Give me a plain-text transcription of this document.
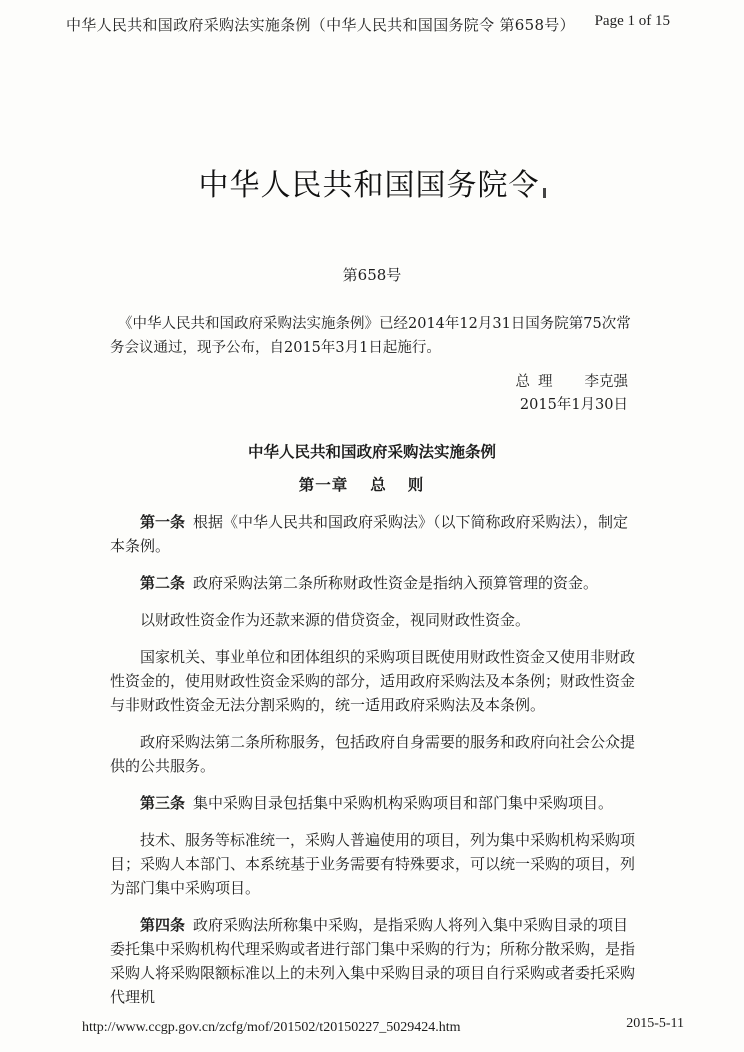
中华人民共和国政府采购法实施条例（中华人民共和国国务院令 第658号） Page 1 of 15
中华人民共和国国务院令
第658号
《中华人民共和国政府采购法实施条例》已经2014年12月31日国务院第75次常
务会议通过，现予公布，自2015年3月1日起施行。
总理 李克强
2015年1月30日
中华人民共和国政府采购法实施条例
第一章 总则

第一条 根据《中华人民共和国政府采购法》（以下简称政府采购法），制定本条例。

第二条 政府采购法第二条所称财政性资金是指纳入预算管理的资金。

以财政性资金作为还款来源的借贷资金，视同财政性资金。

国家机关、事业单位和团体组织的采购项目既使用财政性资金又使用非财政性资金的，使用财政性资金采购的部分，适用政府采购法及本条例；财政性资金与非财政性资金无法分割采购的，统一适用政府采购法及本条例。

政府采购法第二条所称服务，包括政府自身需要的服务和政府向社会公众提供的公共服务。

第三条 集中采购目录包括集中采购机构采购项目和部门集中采购项目。

技术、服务等标准统一，采购人普遍使用的项目，列为集中采购机构采购项目；采购人本部门、本系统基于业务需要有特殊要求，可以统一采购的项目，列为部门集中采购项目。

第四条 政府采购法所称集中采购，是指采购人将列入集中采购目录的项目委托集中采购机构代理采购或者进行部门集中采购的行为；所称分散采购，是指采购人将采购限额标准以上的未列入集中采购目录的项目自行采购或者委托采购代理机

http://www.ccgp.gov.cn/zcfg/mof/201502/t20150227_5029424.htm	2015-5-11
